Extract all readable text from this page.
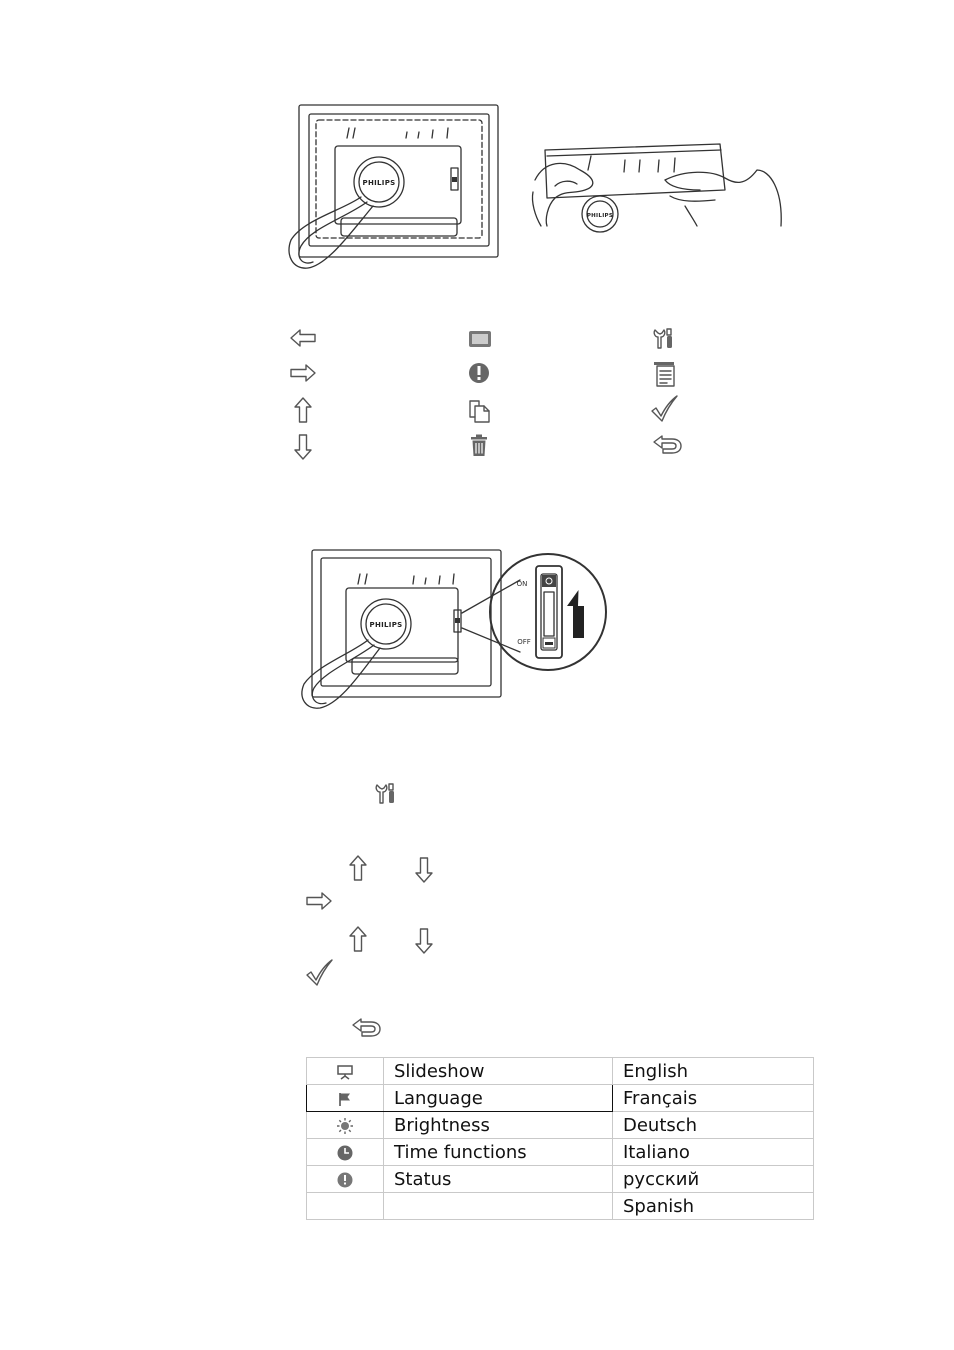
PHILIPS
PHILIPS
PHILIPS
ON
OFF
	Slideshow	English
	Language	Français
	Brightness	Deutsch
	Time functions	Italiano
	Status	русский
		Spanish
